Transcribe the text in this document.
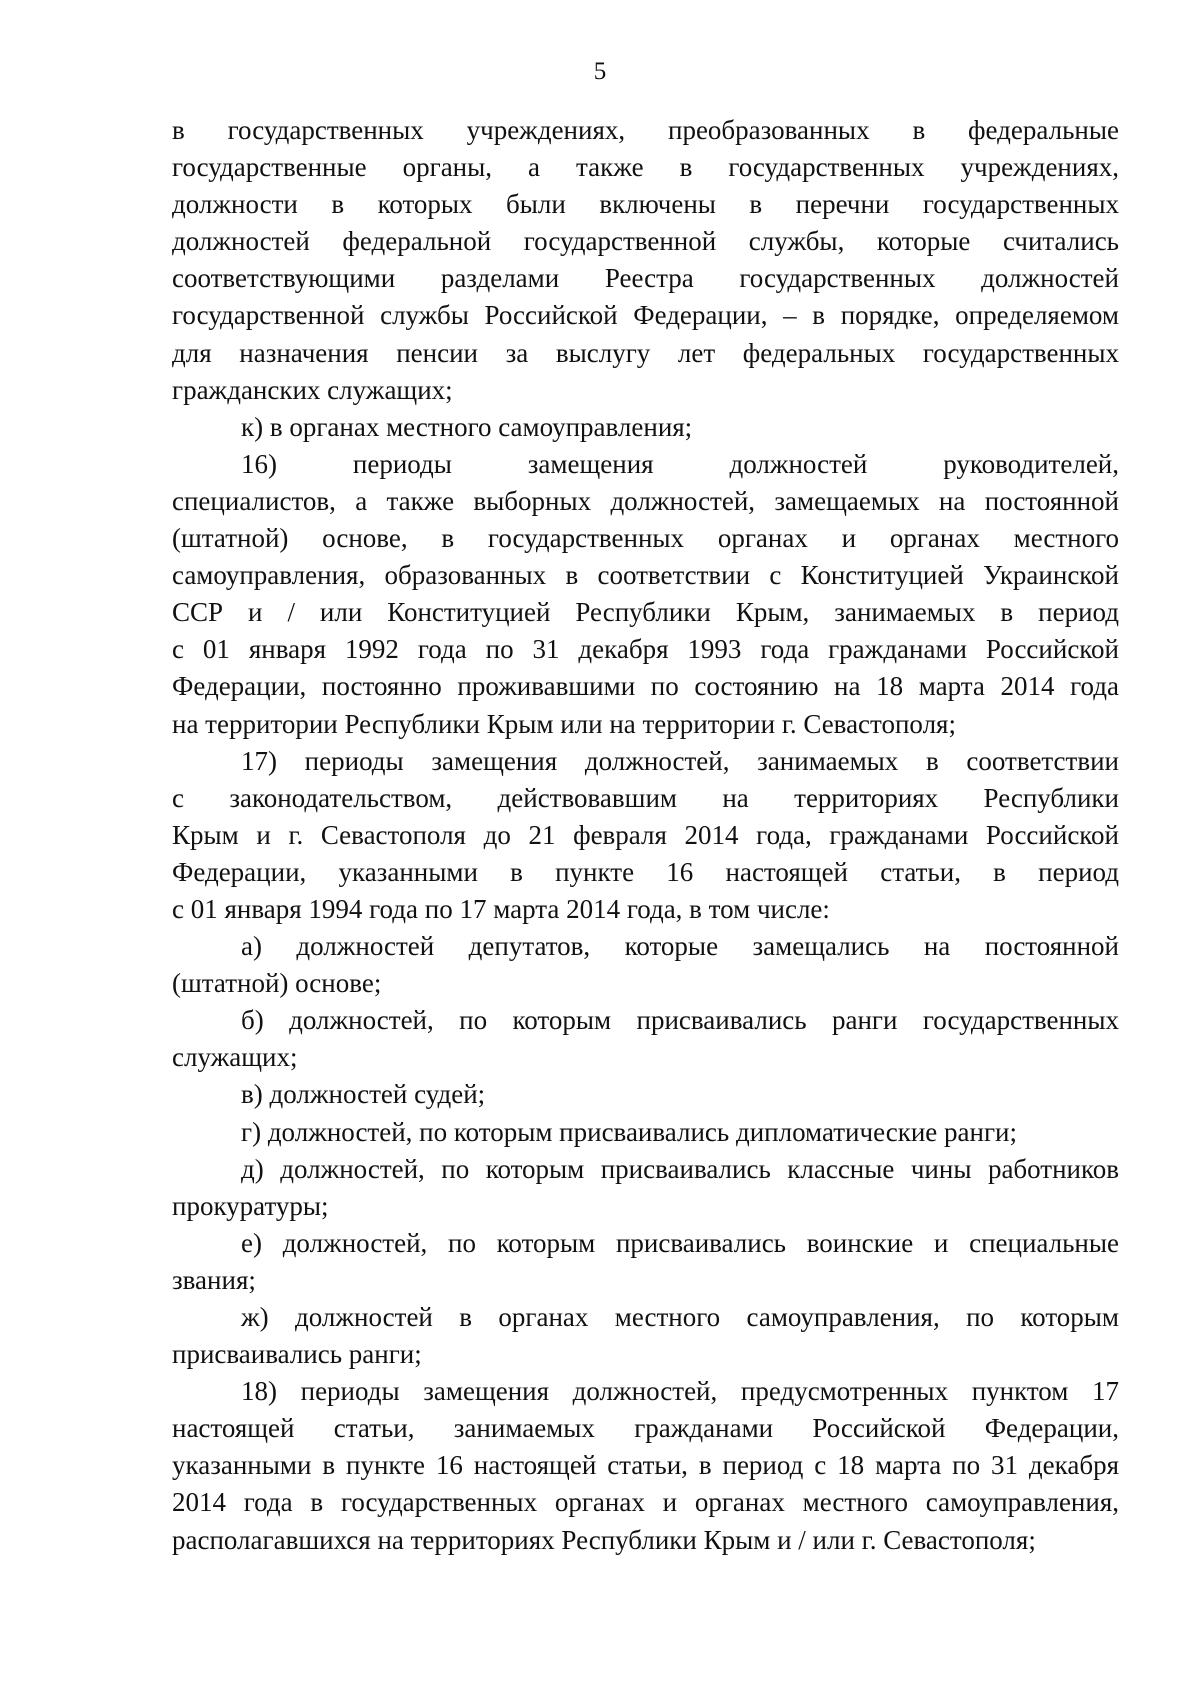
5
в государственных учреждениях, преобразованных в федеральные
государственные органы, а также в государственных учреждениях,
должности в которых были включены в перечни государственных
должностей федеральной государственной службы, которые считались
соответствующими разделами Реестра государственных должностей
государственной службы Российской Федерации, – в порядке, определяемом
для назначения пенсии за выслугу лет федеральных государственных
гражданских служащих;
к) в органах местного самоуправления;
16) периоды замещения должностей руководителей,
специалистов, а также выборных должностей, замещаемых на постоянной
(штатной) основе, в государственных органах и органах местного
самоуправления, образованных в соответствии с Конституцией Украинской
ССР и / или Конституцией Республики Крым, занимаемых в период
с 01 января 1992 года по 31 декабря 1993 года гражданами Российской
Федерации, постоянно проживавшими по состоянию на 18 марта 2014 года
на территории Республики Крым или на территории г. Севастополя;
17) периоды замещения должностей, занимаемых в соответствии
с законодательством, действовавшим на территориях Республики
Крым и г. Севастополя до 21 февраля 2014 года, гражданами Российской
Федерации, указанными в пункте 16 настоящей статьи, в период
с 01 января 1994 года по 17 марта 2014 года, в том числе:
а) должностей депутатов, которые замещались на постоянной
(штатной) основе;
б) должностей, по которым присваивались ранги государственных
служащих;
в) должностей судей;
г) должностей, по которым присваивались дипломатические ранги;
д) должностей, по которым присваивались классные чины работников
прокуратуры;
е) должностей, по которым присваивались воинские и специальные
звания;
ж) должностей в органах местного самоуправления, по которым
присваивались ранги;
18) периоды замещения должностей, предусмотренных пунктом 17
настоящей статьи, занимаемых гражданами Российской Федерации,
указанными в пункте 16 настоящей статьи, в период с 18 марта по 31 декабря
2014 года в государственных органах и органах местного самоуправления,
располагавшихся на территориях Республики Крым и / или г. Севастополя;
